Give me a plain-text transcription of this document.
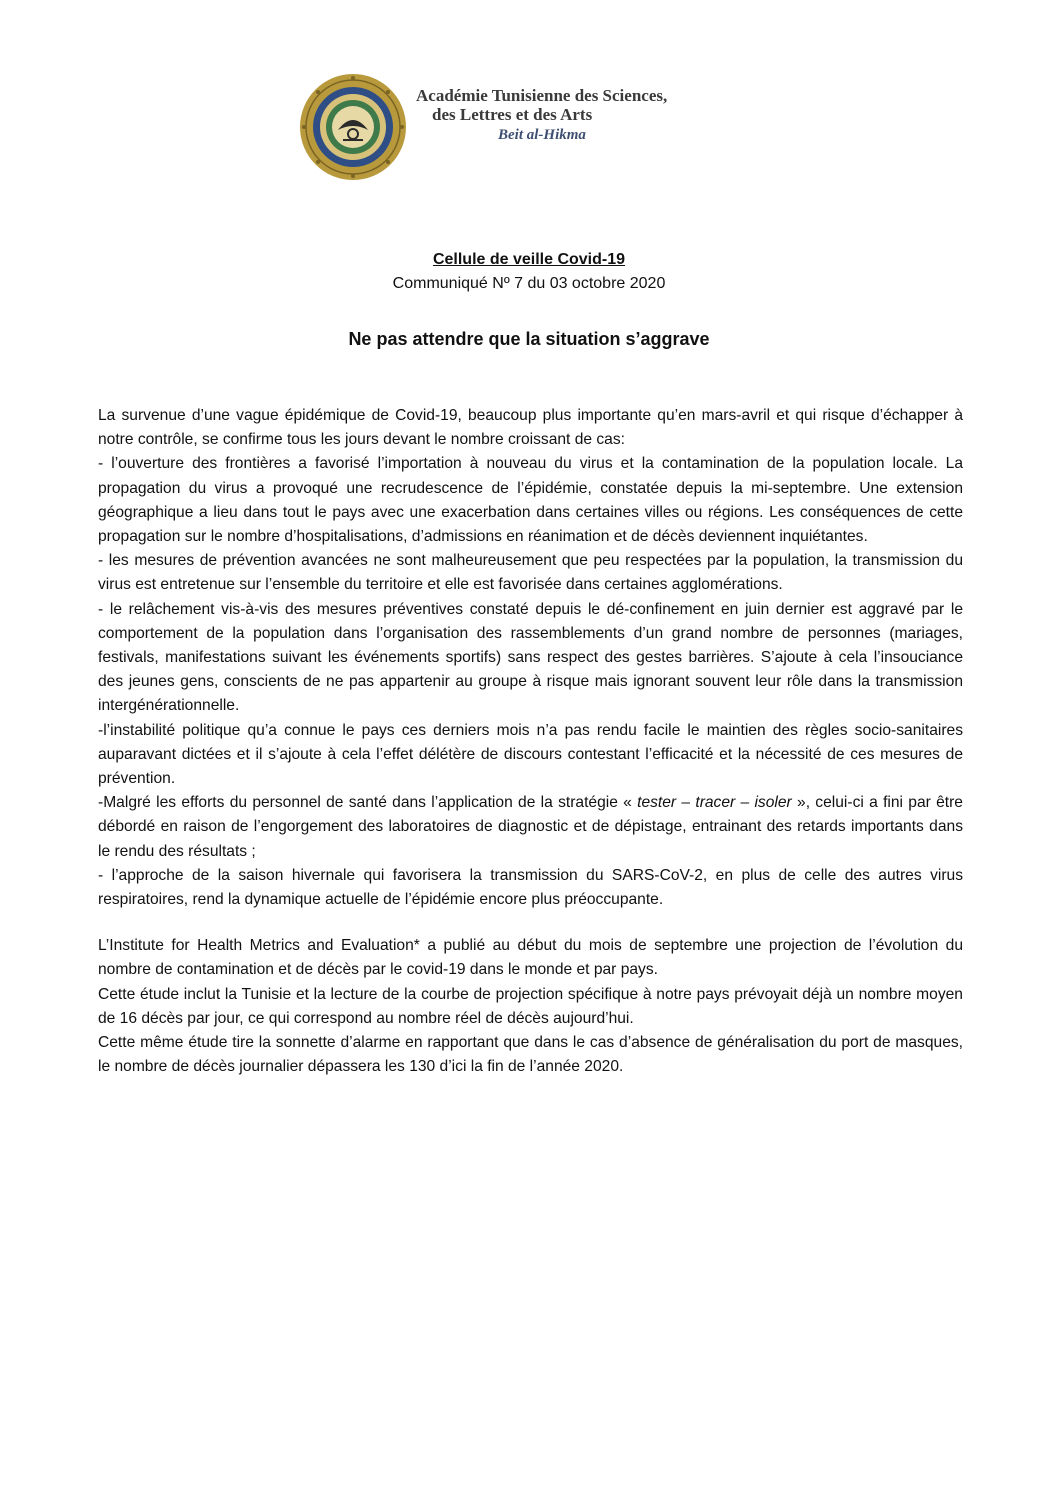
Académie Tunisienne des Sciences,
des Lettres et des Arts
Beit al-Hikma
Cellule de veille Covid-19
Communiqué Nº 7 du 03 octobre 2020
Ne pas attendre que la situation s’aggrave

La survenue d’une vague épidémique de Covid-19, beaucoup plus importante qu’en mars-avril et qui risque d’échapper à notre contrôle, se confirme tous les jours devant le nombre croissant de cas:

- l’ouverture des frontières a favorisé l’importation à nouveau du virus et la contamination de la population locale. La propagation du virus a provoqué une recrudescence de l’épidémie, constatée depuis la mi-septembre. Une extension géographique a lieu dans tout le pays avec une exacerbation dans certaines villes ou régions. Les conséquences de cette propagation sur le nombre d’hospitalisations, d’admissions en réanimation et de décès deviennent inquiétantes.

- les mesures de prévention avancées ne sont malheureusement que peu respectées par la population, la transmission du virus est entretenue sur l’ensemble du territoire et elle est favorisée dans certaines agglomérations.

- le relâchement vis-à-vis des mesures préventives constaté depuis le dé-confinement en juin dernier est aggravé par le comportement de la population dans l’organisation des rassemblements d’un grand nombre de personnes (mariages, festivals, manifestations suivant les événements sportifs) sans respect des gestes barrières. S’ajoute à cela l’insouciance des jeunes gens, conscients de ne pas appartenir au groupe à risque mais ignorant souvent leur rôle dans la transmission intergénérationnelle.

-l’instabilité politique qu’a connue le pays ces derniers mois n’a pas rendu facile le maintien des règles socio-sanitaires auparavant dictées et il s’ajoute à cela l’effet délétère de discours contestant l’efficacité et la nécessité de ces mesures de prévention.

-Malgré les efforts du personnel de santé dans l’application de la stratégie « tester – tracer – isoler », celui-ci a fini par être débordé en raison de l’engorgement des laboratoires de diagnostic et de dépistage, entrainant des retards importants dans le rendu des résultats ;

- l’approche de la saison hivernale qui favorisera la transmission du SARS-CoV-2, en plus de celle des autres virus respiratoires, rend la dynamique actuelle de l’épidémie encore plus préoccupante.

L’Institute for Health Metrics and Evaluation* a publié au début du mois de septembre une projection de l’évolution du nombre de contamination et de décès par le covid-19 dans le monde et par pays.

Cette étude inclut la Tunisie et la lecture de la courbe de projection spécifique à notre pays prévoyait déjà un nombre moyen de 16 décès par jour, ce qui correspond au nombre réel de décès aujourd’hui.

Cette même étude tire la sonnette d’alarme en rapportant que dans le cas d’absence de généralisation du port de masques, le nombre de décès journalier dépassera les 130 d’ici la fin de l’année 2020.
